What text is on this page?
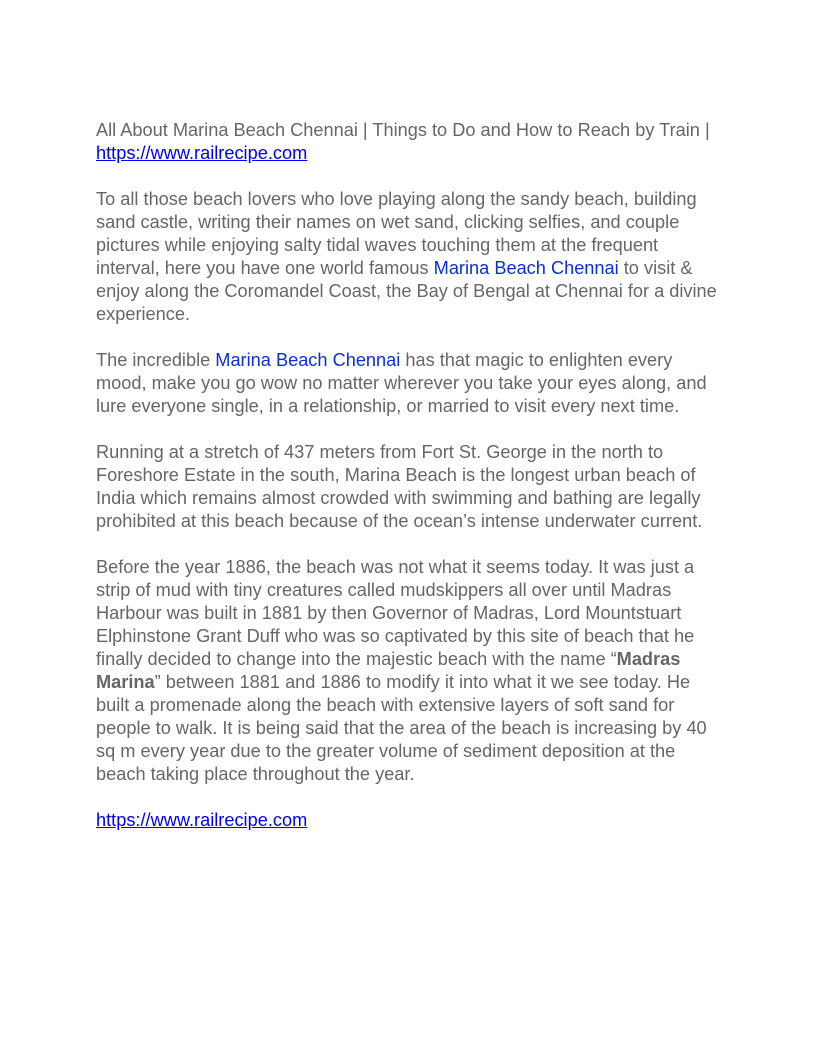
All About Marina Beach Chennai | Things to Do and How to Reach by Train | https://www.railrecipe.com

To all those beach lovers who love playing along the sandy beach, building sand castle, writing their names on wet sand, clicking selfies, and couple pictures while enjoying salty tidal waves touching them at the frequent interval, here you have one world famous Marina Beach Chennai to visit & enjoy along the Coromandel Coast, the Bay of Bengal at Chennai for a divine experience.

The incredible Marina Beach Chennai has that magic to enlighten every mood, make you go wow no matter wherever you take your eyes along, and lure everyone single, in a relationship, or married to visit every next time.

Running at a stretch of 437 meters from Fort St. George in the north to Foreshore Estate in the south, Marina Beach is the longest urban beach of India which remains almost crowded with swimming and bathing are legally prohibited at this beach because of the ocean’s intense underwater current.

Before the year 1886, the beach was not what it seems today. It was just a strip of mud with tiny creatures called mudskippers all over until Madras Harbour was built in 1881 by then Governor of Madras, Lord Mountstuart Elphinstone Grant Duff who was so captivated by this site of beach that he finally decided to change into the majestic beach with the name “Madras Marina” between 1881 and 1886 to modify it into what it we see today. He built a promenade along the beach with extensive layers of soft sand for people to walk. It is being said that the area of the beach is increasing by 40 sq m every year due to the greater volume of sediment deposition at the beach taking place throughout the year.

https://www.railrecipe.com
